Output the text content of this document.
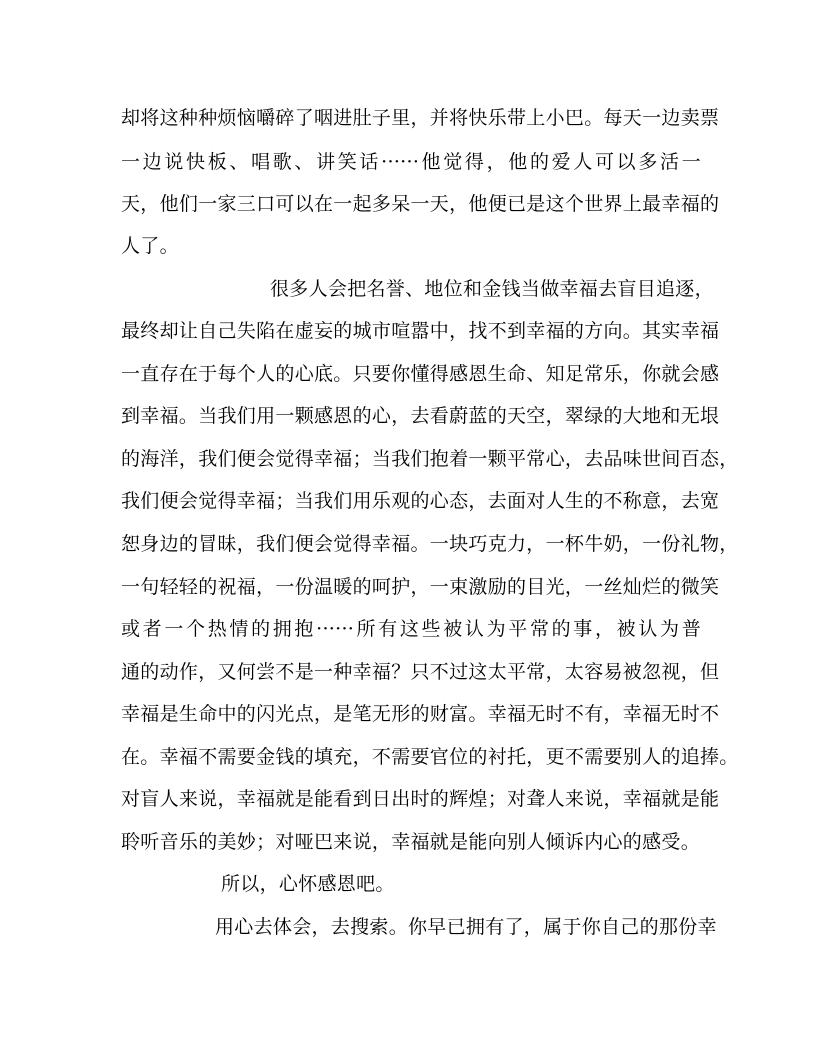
却将这种种烦恼嚼碎了咽进肚子里，并将快乐带上小巴。每天一边卖票
一边说快板、唱歌、讲笑话······他觉得，他的爱人可以多活一
天，他们一家三口可以在一起多呆一天，他便已是这个世界上最幸福的
人了。
很多人会把名誉、地位和金钱当做幸福去盲目追逐，
最终却让自己失陷在虚妄的城市喧嚣中，找不到幸福的方向。其实幸福
一直存在于每个人的心底。只要你懂得感恩生命、知足常乐，你就会感
到幸福。当我们用一颗感恩的心，去看蔚蓝的天空，翠绿的大地和无垠
的海洋，我们便会觉得幸福；当我们抱着一颗平常心，去品味世间百态，
我们便会觉得幸福；当我们用乐观的心态，去面对人生的不称意，去宽
恕身边的冒昧，我们便会觉得幸福。一块巧克力，一杯牛奶，一份礼物，
一句轻轻的祝福，一份温暖的呵护，一束激励的目光，一丝灿烂的微笑
或者一个热情的拥抱······所有这些被认为平常的事，被认为普
通的动作，又何尝不是一种幸福？只不过这太平常，太容易被忽视，但
幸福是生命中的闪光点，是笔无形的财富。幸福无时不有，幸福无时不
在。幸福不需要金钱的填充，不需要官位的衬托，更不需要别人的追捧。
对盲人来说，幸福就是能看到日出时的辉煌；对聋人来说，幸福就是能
聆听音乐的美妙；对哑巴来说，幸福就是能向别人倾诉内心的感受。
所以，心怀感恩吧。
用心去体会，去搜索。你早已拥有了，属于你自己的那份幸
